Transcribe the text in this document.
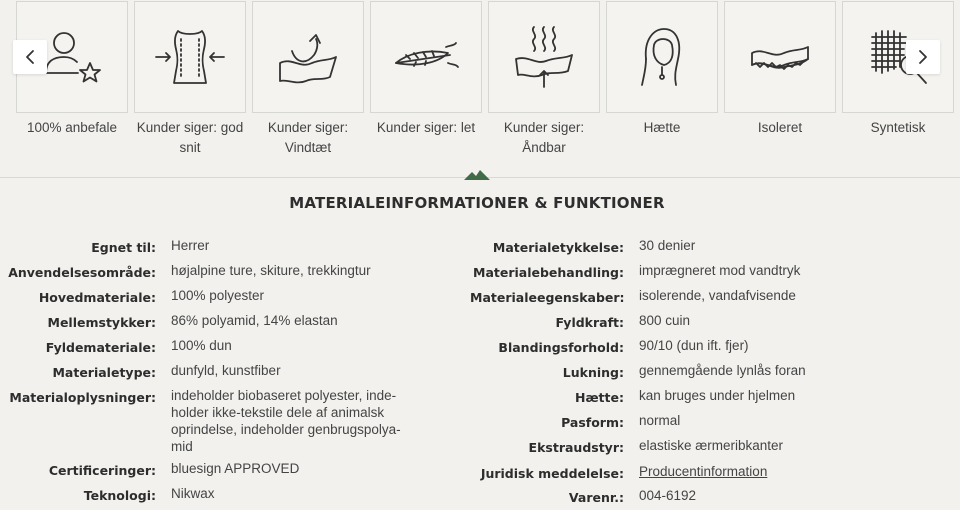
100% anbefale	Kunder siger: god snit
Kunder siger: Vindtæt
Kunder siger: let	Kunder siger: Åndbar
Hætte	Isoleret	Syntetisk
MATERIALEINFORMATIONER & FUNKTIONER
Egnet til: Herrer
Anvendelsesområde: højalpine ture, skiture, trekkingtur
Hovedmateriale: 100% polyester
Mellemstykker: 86% polyamid, 14% elastan
Fyldemateriale: 100% dun
Materialetype: dunfyld, kunstfiber
Materialoplysninger: indeholder biobaseret polyester, inde-holder ikke-tekstile dele af animalsk oprindelse, indeholder genbrugspolya-mid
Certificeringer: bluesign APPROVED
Teknologi: Nikwax
Materialetykkelse: 30 denier
Materialebehandling: imprægneret mod vandtryk
Materialeegenskaber: isolerende, vandafvisende
Fyldkraft: 800 cuin
Blandingsforhold: 90/10 (dun ift. fjer)
Lukning: gennemgående lynlås foran
Hætte: kan bruges under hjelmen
Pasform: normal
Ekstraudstyr: elastiske ærmeribkanter
Juridisk meddelelse: Producentinformation
Varenr.: 004-6192
